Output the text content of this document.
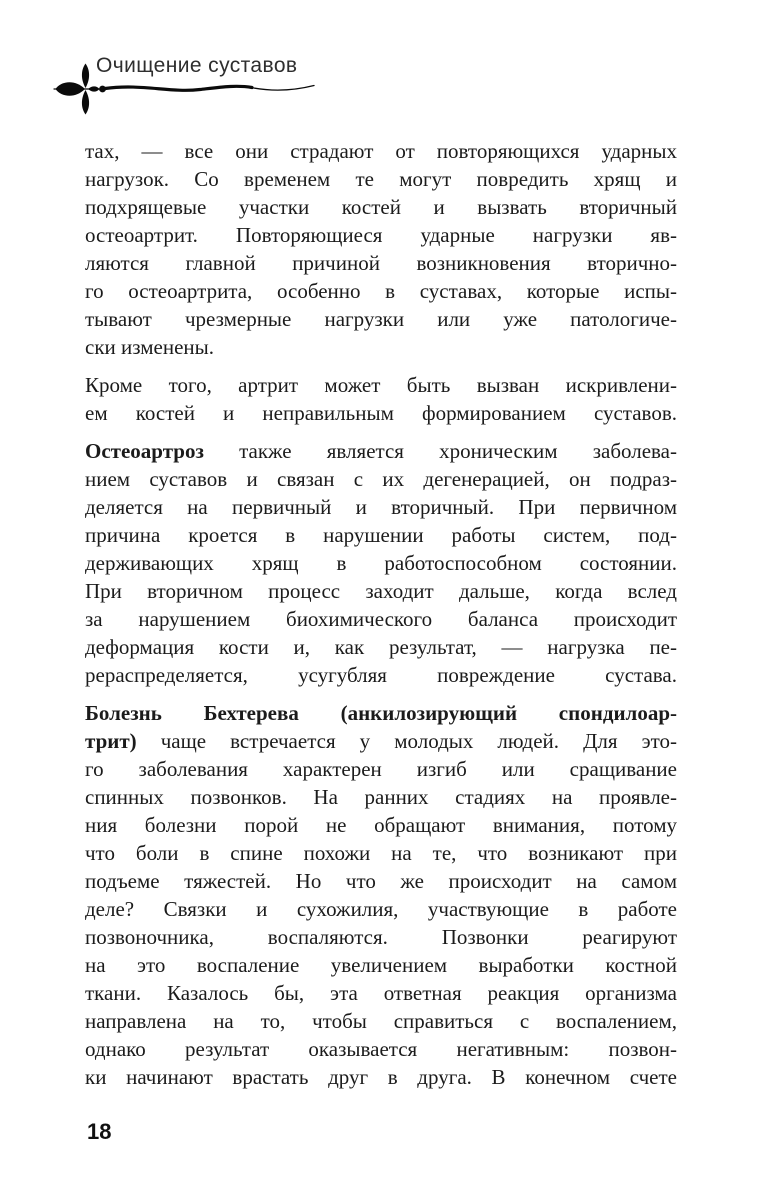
Очищение суставов
тах, — все они страдают от повторяющихся ударных
нагрузок. Со временем те могут повредить хрящ и
подхрящевые участки костей и вызвать вторичный
остеоартрит. Повторяющиеся ударные нагрузки яв-
ляются главной причиной возникновения вторично-
го остеоартрита, особенно в суставах, которые испы-
тывают чрезмерные нагрузки или уже патологиче-
ски изменены.
Кроме того, артрит может быть вызван искривлени-
ем костей и неправильным формированием суставов.
Остеоартроз также является хроническим заболева-
нием суставов и связан с их дегенерацией, он подраз-
деляется на первичный и вторичный. При первичном
причина кроется в нарушении работы систем, под-
держивающих хрящ в работоспособном состоянии.
При вторичном процесс заходит дальше, когда вслед
за нарушением биохимического баланса происходит
деформация кости и, как результат, — нагрузка пе-
рераспределяется, усугубляя повреждение сустава.
Болезнь Бехтерева (анкилозирующий спондилоар-
трит) чаще встречается у молодых людей. Для это-
го заболевания характерен изгиб или сращивание
спинных позвонков. На ранних стадиях на проявле-
ния болезни порой не обращают внимания, потому
что боли в спине похожи на те, что возникают при
подъеме тяжестей. Но что же происходит на самом
деле? Связки и сухожилия, участвующие в работе
позвоночника, воспаляются. Позвонки реагируют
на это воспаление увеличением выработки костной
ткани. Казалось бы, эта ответная реакция организма
направлена на то, чтобы справиться с воспалением,
однако результат оказывается негативным: позвон-
ки начинают врастать друг в друга. В конечном счете
18
